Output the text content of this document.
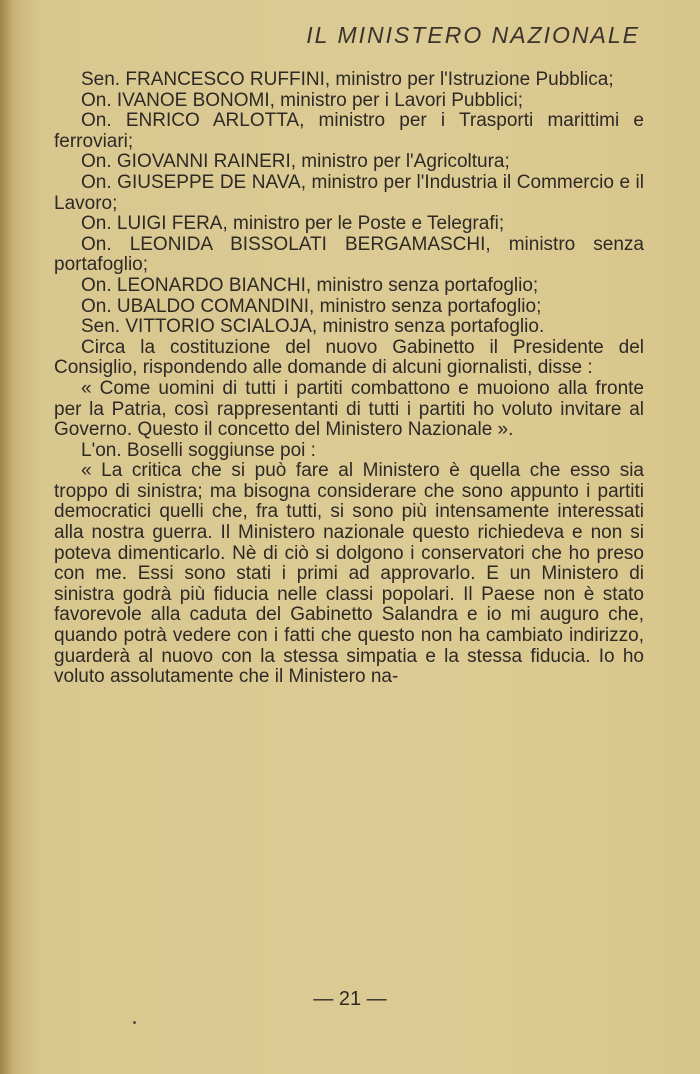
IL MINISTERO NAZIONALE

Sen. FRANCESCO RUFFINI, ministro per l'Istruzione Pubblica;

On. IVANOE BONOMI, ministro per i Lavori Pubblici;

On. ENRICO ARLOTTA, ministro per i Trasporti marittimi e ferroviari;

On. GIOVANNI RAINERI, ministro per l'Agricoltura;

On. GIUSEPPE DE NAVA, ministro per l'Industria il Commercio e il Lavoro;

On. LUIGI FERA, ministro per le Poste e Telegrafi;

On. LEONIDA BISSOLATI BERGAMASCHI, ministro senza portafoglio;

On. LEONARDO BIANCHI, ministro senza portafoglio;

On. UBALDO COMANDINI, ministro senza portafoglio;

Sen. VITTORIO SCIALOJA, ministro senza portafoglio.

Circa la costituzione del nuovo Gabinetto il Presidente del Consiglio, rispondendo alle domande di alcuni giornalisti, disse :

« Come uomini di tutti i partiti combattono e muoiono alla fronte per la Patria, così rappresentanti di tutti i partiti ho voluto invitare al Governo. Questo il concetto del Ministero Nazionale ».

L'on. Boselli soggiunse poi :

« La critica che si può fare al Ministero è quella che esso sia troppo di sinistra; ma bisogna considerare che sono appunto i partiti democratici quelli che, fra tutti, si sono più intensamente interessati alla nostra guerra. Il Ministero nazionale questo richiedeva e non si poteva dimenticarlo. Nè di ciò si dolgono i conservatori che ho preso con me. Essi sono stati i primi ad approvarlo. E un Ministero di sinistra godrà più fiducia nelle classi popolari. Il Paese non è stato favorevole alla caduta del Gabinetto Salandra e io mi auguro che, quando potrà vedere con i fatti che questo non ha cambiato indirizzo, guarderà al nuovo con la stessa simpatia e la stessa fiducia. Io ho voluto assolutamente che il Ministero na-

— 21 —
